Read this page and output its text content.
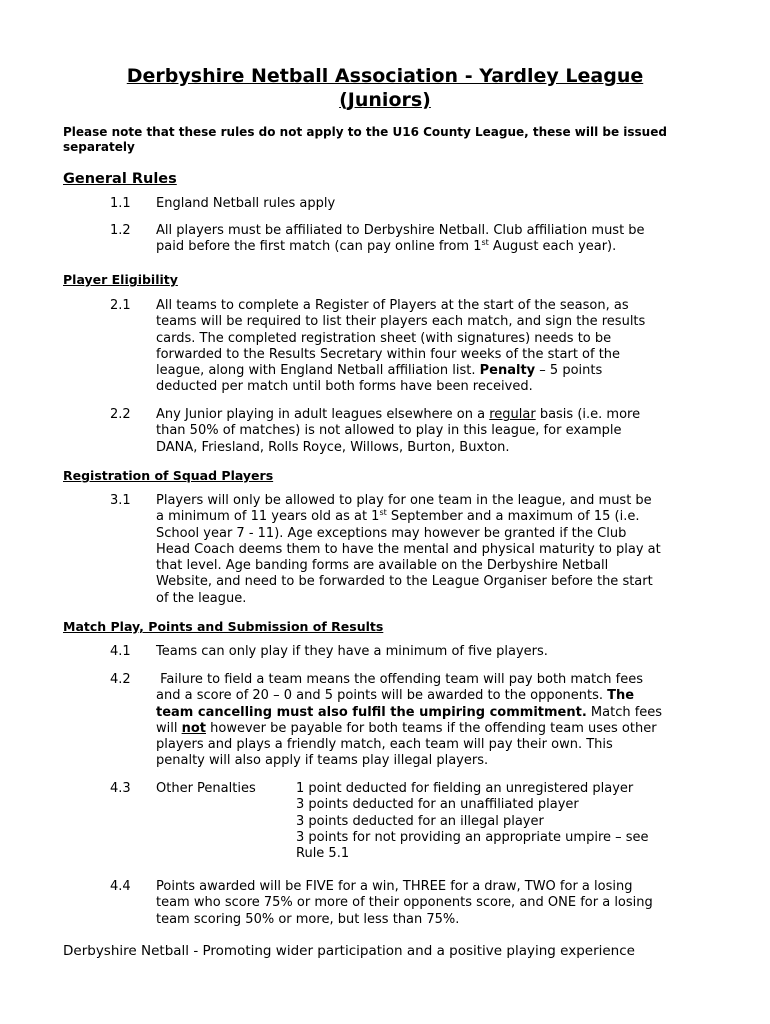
Derbyshire Netball Association - Yardley League
(Juniors)
Please note that these rules do not apply to the U16 County League, these will be issued
separately
General Rules
1.1 England Netball rules apply
1.2 All players must be affiliated to Derbyshire Netball. Club affiliation must be
paid before the first match (can pay online from 1st August each year).
Player Eligibility
2.1 All teams to complete a Register of Players at the start of the season, as
teams will be required to list their players each match, and sign the results
cards. The completed registration sheet (with signatures) needs to be
forwarded to the Results Secretary within four weeks of the start of the
league, along with England Netball affiliation list. Penalty – 5 points
deducted per match until both forms have been received.
2.2 Any Junior playing in adult leagues elsewhere on a regular basis (i.e. more
than 50% of matches) is not allowed to play in this league, for example
DANA, Friesland, Rolls Royce, Willows, Burton, Buxton.
Registration of Squad Players
3.1 Players will only be allowed to play for one team in the league, and must be
a minimum of 11 years old as at 1st September and a maximum of 15 (i.e.
School year 7 - 11). Age exceptions may however be granted if the Club
Head Coach deems them to have the mental and physical maturity to play at
that level. Age banding forms are available on the Derbyshire Netball
Website, and need to be forwarded to the League Organiser before the start
of the league.
Match Play, Points and Submission of Results
4.1 Teams can only play if they have a minimum of five players.
4.2 Failure to field a team means the offending team will pay both match fees
and a score of 20 – 0 and 5 points will be awarded to the opponents. The
team cancelling must also fulfil the umpiring commitment. Match fees
will not however be payable for both teams if the offending team uses other
players and plays a friendly match, each team will pay their own. This
penalty will also apply if teams play illegal players.
4.3 Other Penalties	1 point deducted for fielding an unregistered player
3 points deducted for an unaffiliated player
3 points deducted for an illegal player
3 points for not providing an appropriate umpire – see
Rule 5.1
4.4 Points awarded will be FIVE for a win, THREE for a draw, TWO for a losing
team who score 75% or more of their opponents score, and ONE for a losing
team scoring 50% or more, but less than 75%.
Derbyshire Netball - Promoting wider participation and a positive playing experience
